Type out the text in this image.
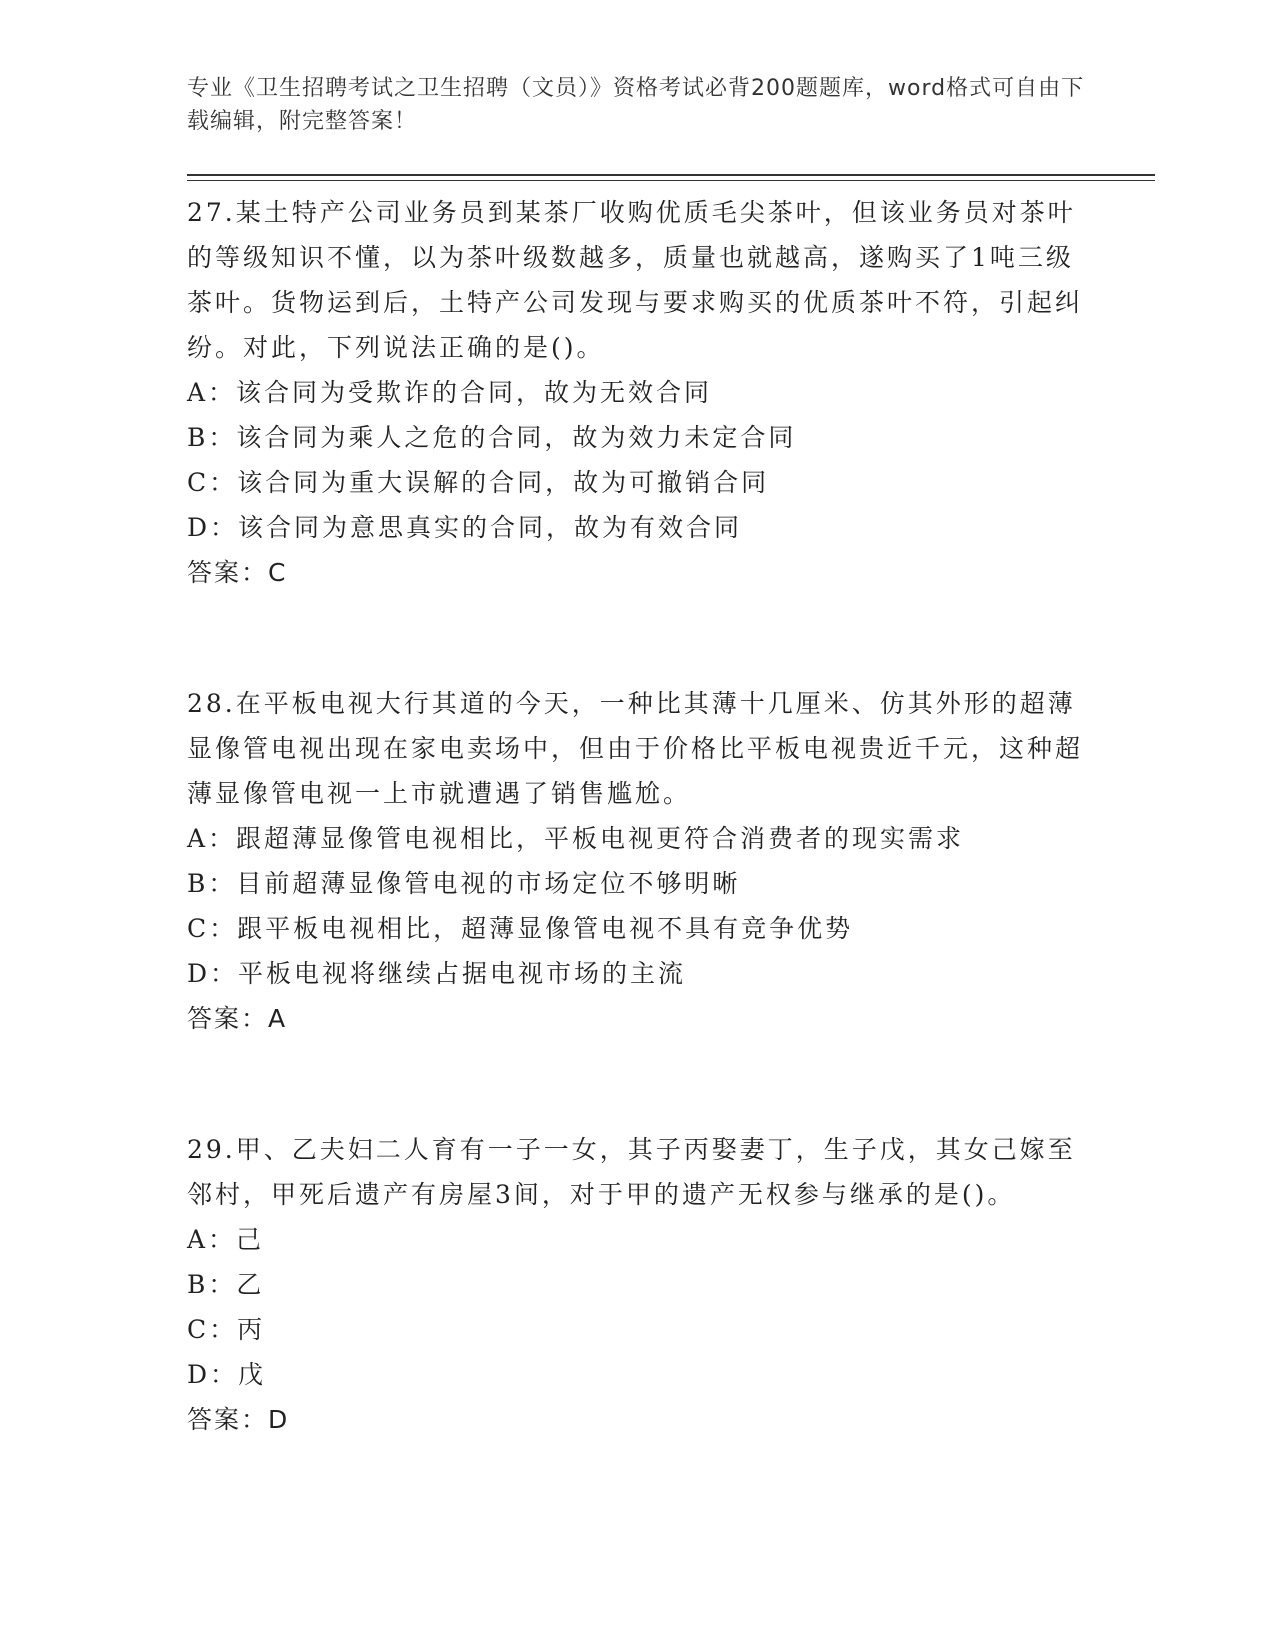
专业《卫生招聘考试之卫生招聘（文员）》资格考试必背200题题库，word格式可自由下载编辑，附完整答案！

27.某土特产公司业务员到某茶厂收购优质毛尖茶叶，但该业务员对茶叶的等级知识不懂，以为茶叶级数越多，质量也就越高，遂购买了1吨三级茶叶。货物运到后，土特产公司发现与要求购买的优质茶叶不符，引起纠纷。对此，下列说法正确的是()。

A：该合同为受欺诈的合同，故为无效合同

B：该合同为乘人之危的合同，故为效力未定合同

C：该合同为重大误解的合同，故为可撤销合同

D：该合同为意思真实的合同，故为有效合同

答案：C

28.在平板电视大行其道的今天，一种比其薄十几厘米、仿其外形的超薄显像管电视出现在家电卖场中，但由于价格比平板电视贵近千元，这种超薄显像管电视一上市就遭遇了销售尴尬。

A：跟超薄显像管电视相比，平板电视更符合消费者的现实需求

B：目前超薄显像管电视的市场定位不够明晰

C：跟平板电视相比，超薄显像管电视不具有竞争优势

D：平板电视将继续占据电视市场的主流

答案：A

29.甲、乙夫妇二人育有一子一女，其子丙娶妻丁，生子戊，其女己嫁至邻村，甲死后遗产有房屋3间，对于甲的遗产无权参与继承的是()。

A：己

B：乙

C：丙

D：戊

答案：D
